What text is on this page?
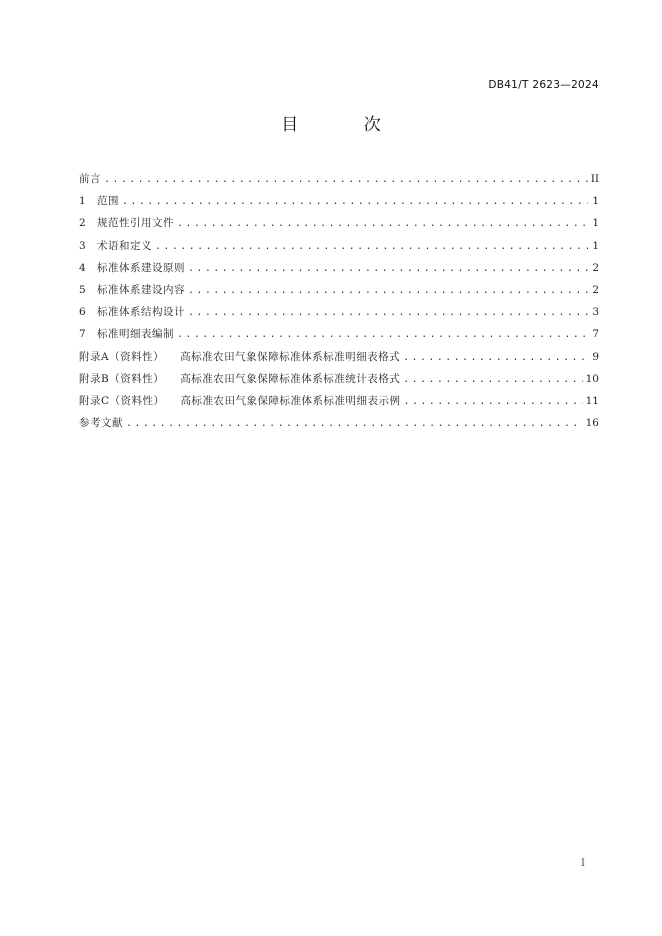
DB41/T 2623—2024
目 次
前言 .....	II
1	范围 .....	1
2	规范性引用文件 .....	1
3	术语和定义 .....	1
4	标准体系建设原则 .....	2
5	标准体系建设内容 .....	2
6	标准体系结构设计 .....	3
7	标准明细表编制 .....	7
附录A（资料性） 高标准农田气象保障标准体系标准明细表格式 .....	9
附录B（资料性） 高标准农田气象保障标准体系标准统计表格式 .....	10
附录C（资料性） 高标准农田气象保障标准体系标准明细表示例 .....	11
参考文献 .....	16
I
